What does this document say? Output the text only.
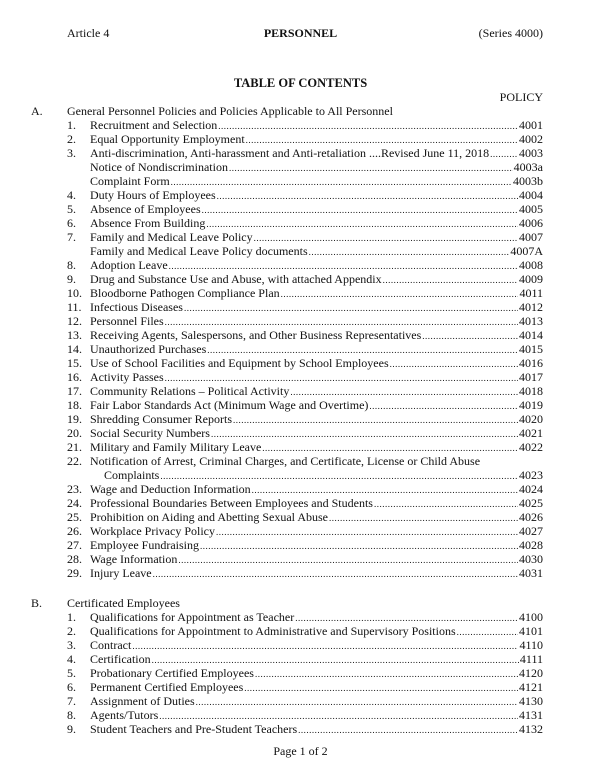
Article 4	PERSONNEL	(Series 4000)
TABLE OF CONTENTS
POLICY
A. General Personnel Policies and Policies Applicable to All Personnel
1.	Recruitment and Selection .....	4001
2.	Equal Opportunity Employment .....	4002
3.	Anti-discrimination, Anti-harassment and Anti-retaliation ....Revised June 11, 2018 ..... 4003
Notice of Nondiscrimination .....	4003a
Complaint Form .....	4003b
4.	Duty Hours of Employees .....	4004
5.	Absence of Employees .....	4005
6.	Absence From Building .....	4006
7.	Family and Medical Leave Policy .....	4007
Family and Medical Leave Policy documents .....	4007A
8.	Adoption Leave .....	4008
9.	Drug and Substance Use and Abuse, with attached Appendix .....	4009
10. Bloodborne Pathogen Compliance Plan .....	4011
11. Infectious Diseases .....	4012
12. Personnel Files .....	4013
13. Receiving Agents, Salespersons, and Other Business Representatives .....	4014
14. Unauthorized Purchases .....	4015
15. Use of School Facilities and Equipment by School Employees .....	4016
16. Activity Passes .....	4017
17. Community Relations – Political Activity .....	4018
18. Fair Labor Standards Act (Minimum Wage and Overtime) .....	4019
19. Shredding Consumer Reports .....	4020
20. Social Security Numbers .....	4021
21. Military and Family Military Leave .....	4022
22. Notification of Arrest, Criminal Charges, and Certificate, License or Child Abuse
Complaints .....	4023
23. Wage and Deduction Information .....	4024
24. Professional Boundaries Between Employees and Students .....	4025
25. Prohibition on Aiding and Abetting Sexual Abuse .....	4026
26. Workplace Privacy Policy .....	4027
27. Employee Fundraising .....	4028
28. Wage Information .....	4030
29. Injury Leave .....	4031
B. Certificated Employees
1.	Qualifications for Appointment as Teacher .....	4100
2.	Qualifications for Appointment to Administrative and Supervisory Positions .....	4101
3.	Contract .....	4110
4.	Certification .....	4111
5.	Probationary Certified Employees .....	4120
6.	Permanent Certified Employees .....	4121
7.	Assignment of Duties .....	4130
8.	Agents/Tutors .....	4131
9.	Student Teachers and Pre-Student Teachers .....	4132
Page 1 of 2
